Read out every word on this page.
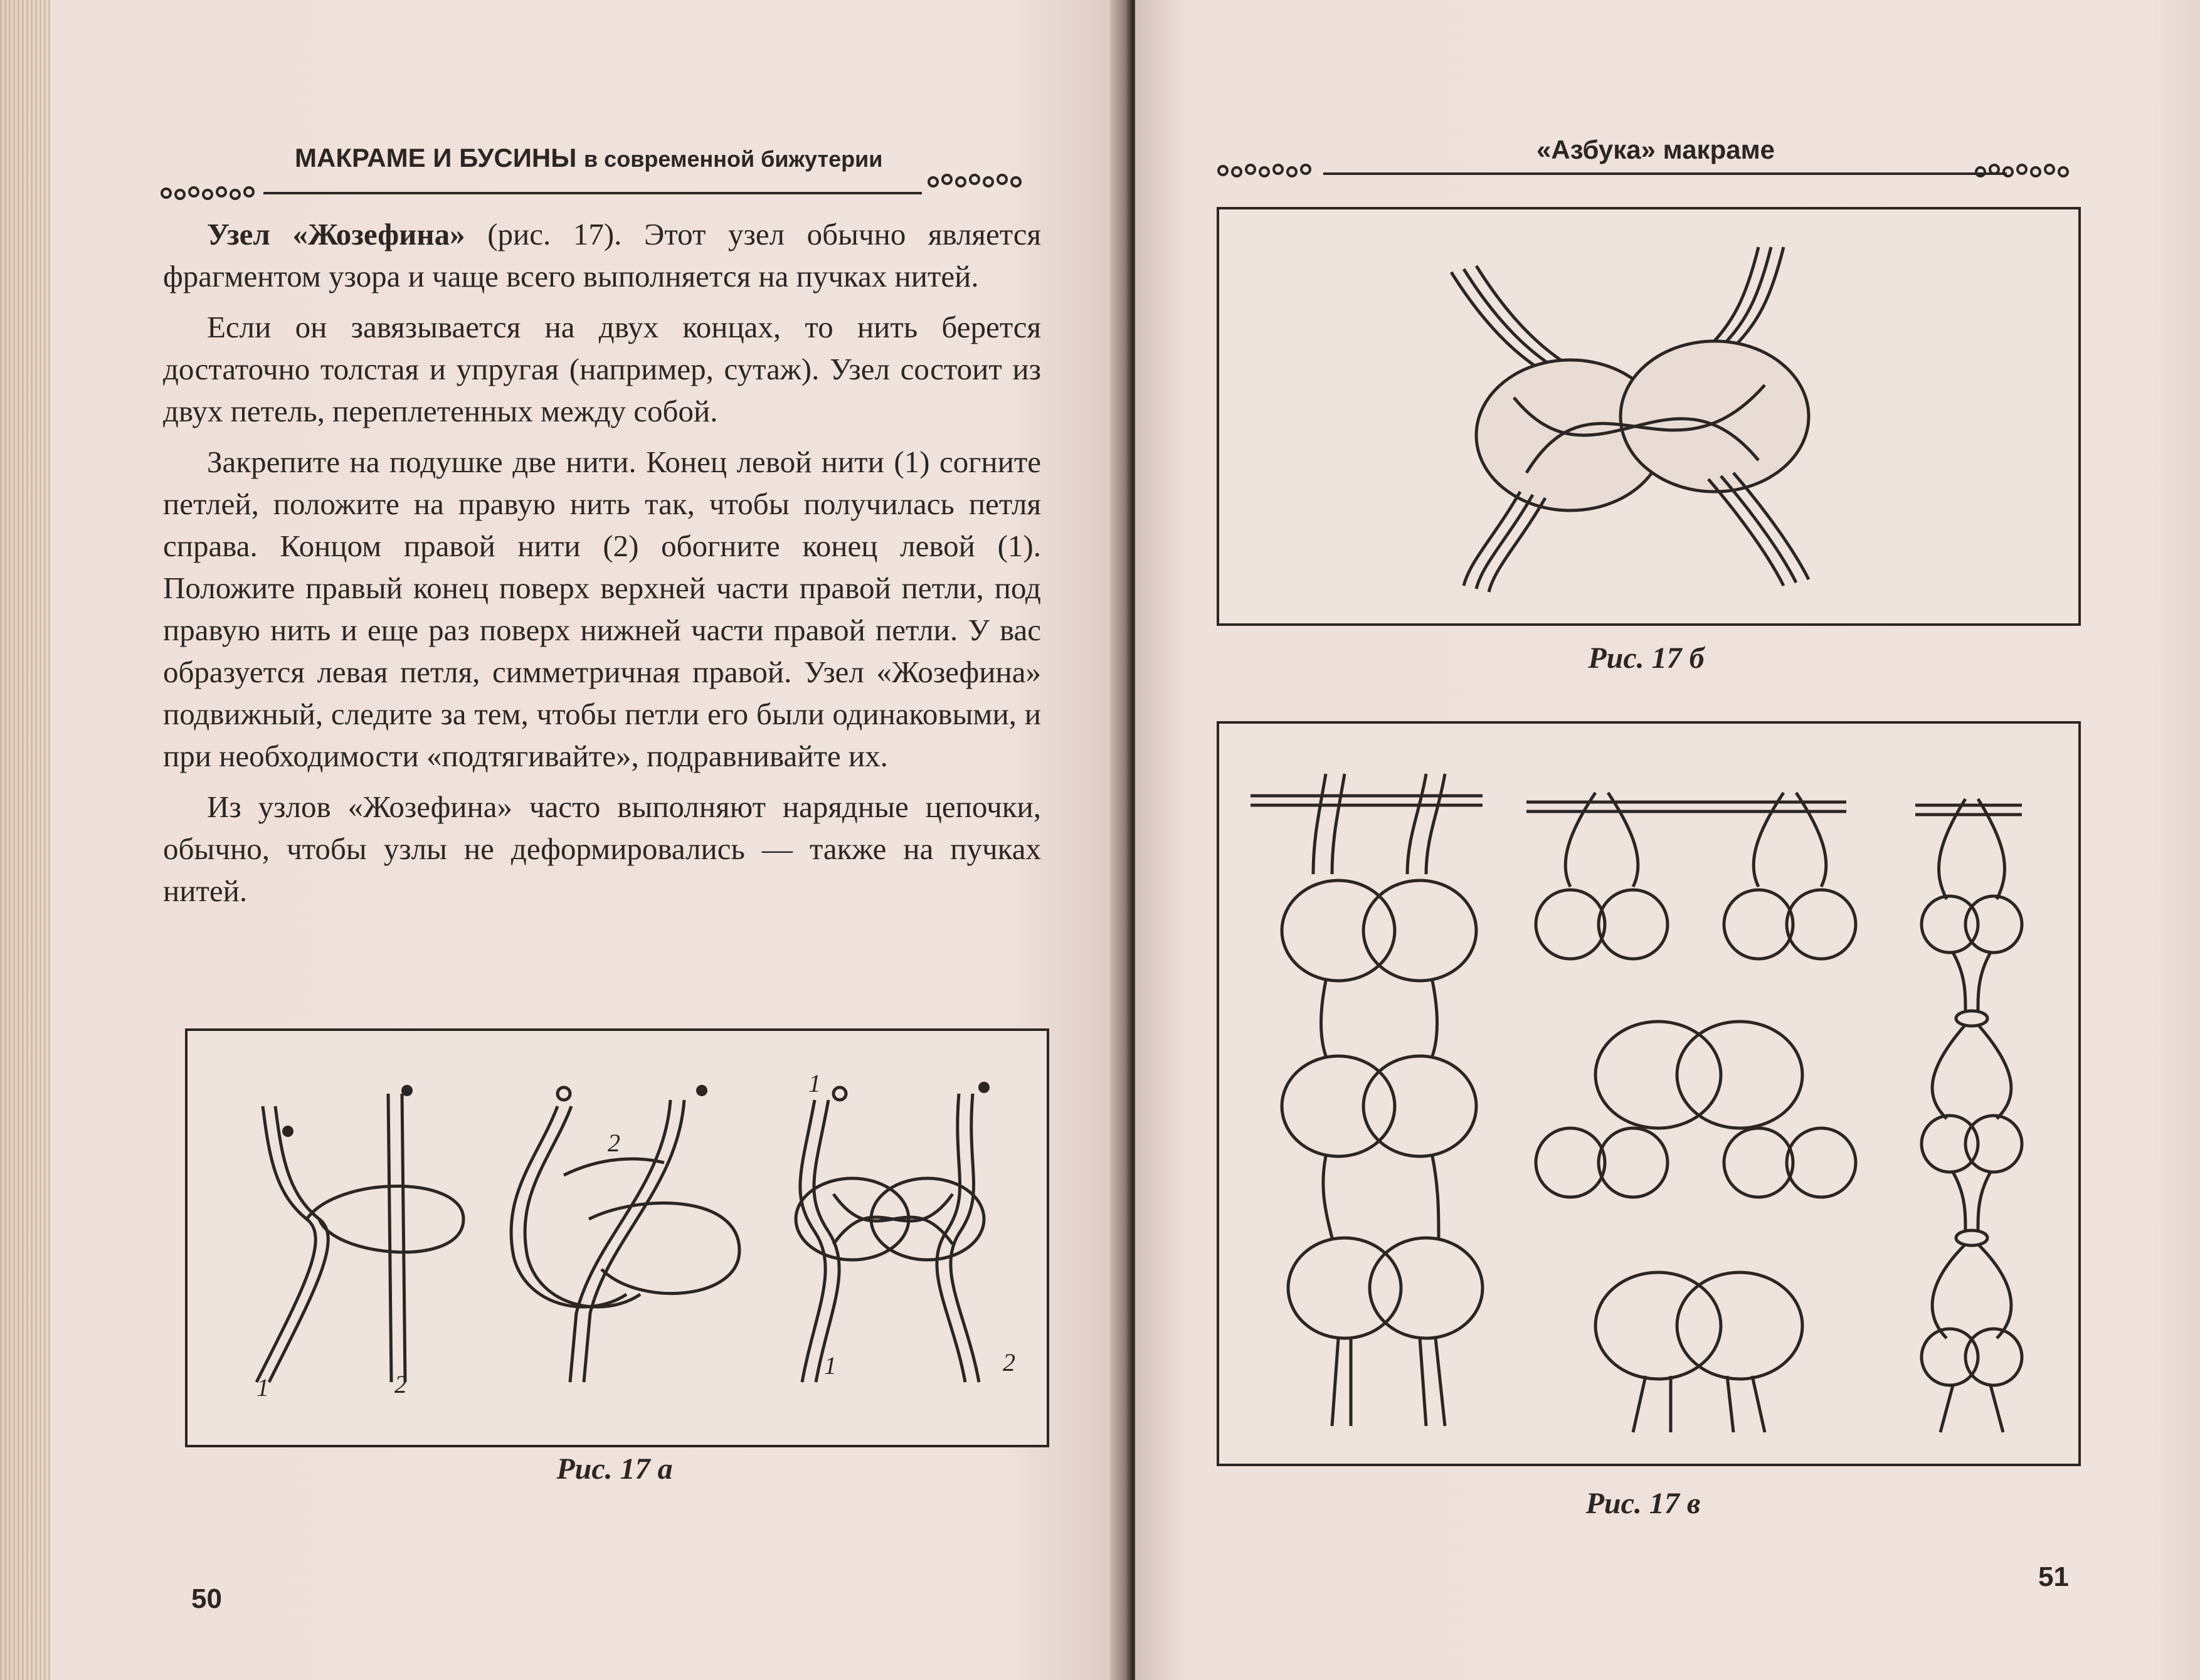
МАКРАМЕ И БУСИНЫ в современной бижутерии

Узел «Жозефина» (рис. 17). Этот узел обычно является фрагментом узора и чаще всего выполняется на пучках нитей.

Если он завязывается на двух концах, то нить берется достаточно толстая и упругая (например, сутаж). Узел состоит из двух петель, переплетенных между собой.

Закрепите на подушке две нити. Конец левой нити (1) согните петлей, положите на правую нить так, чтобы получилась петля справа. Концом правой нити (2) обогните конец левой (1). Положите правый конец поверх верхней части правой петли, под правую нить и еще раз поверх нижней части правой петли. У вас образуется левая петля, симметричная правой. Узел «Жозефина» подвижный, следите за тем, чтобы петли его были одинаковыми, и при необходимости «подтягивайте», подравнивайте их.

Из узлов «Жозефина» часто выполняют нарядные цепочки, обычно, чтобы узлы не деформировались — также на пучках нитей.

1	2
2
1
1	2
Рис. 17 а
50
«Азбука» макраме
Рис. 17 б
Рис. 17 в
51
